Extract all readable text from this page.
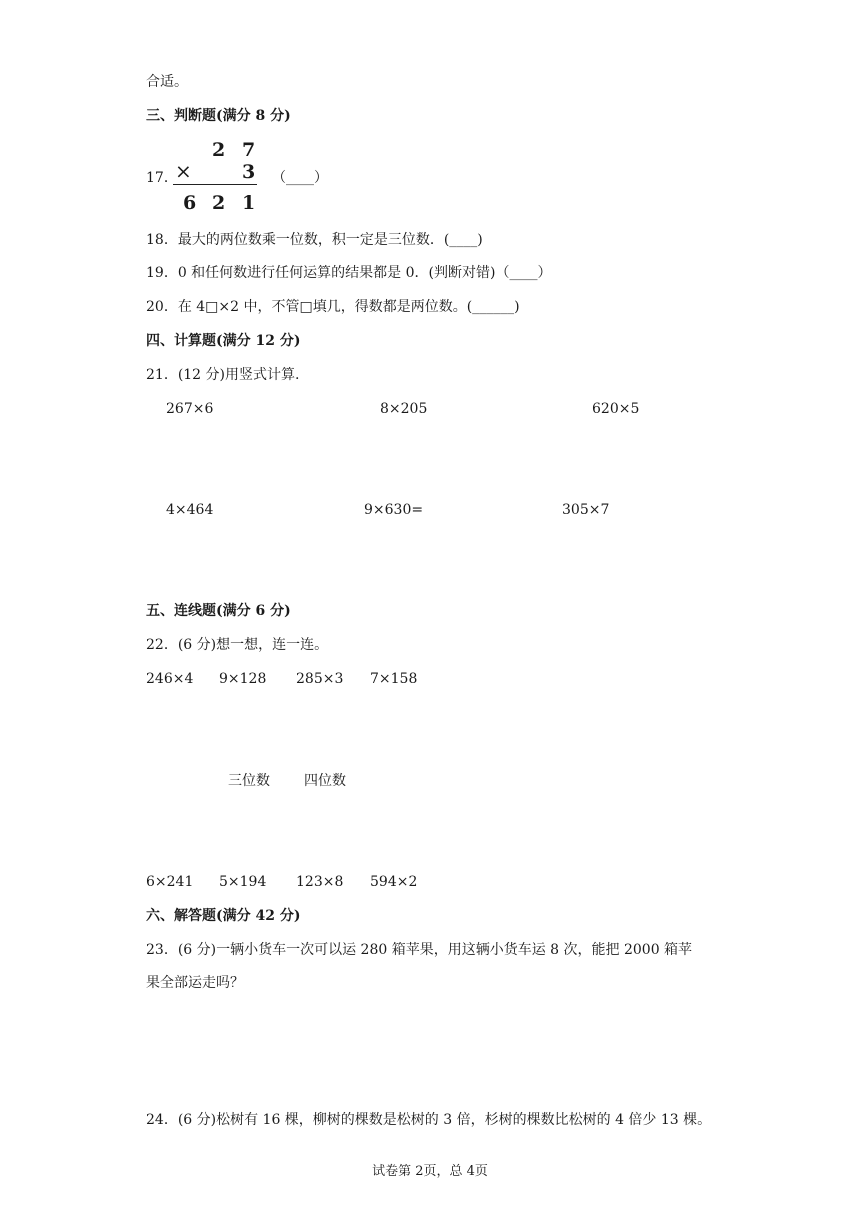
合适。
三、判断题(满分 8 分)
17．
2 7
×	3
6 2 1
（____）
18．最大的两位数乘一位数，积一定是三位数．(____)
19．0 和任何数进行任何运算的结果都是 0．(判断对错)（____）
20．在 4□×2 中，不管□填几，得数都是两位数。(______)
四、计算题(满分 12 分)
21．(12 分)用竖式计算.
267×6	8×205	620×5
4×464	9×630=	305×7
五、连线题(满分 6 分)
22．(6 分)想一想，连一连。
246×4 9×128 285×3 7×158
三位数 四位数
6×241 5×194 123×8 594×2
六、解答题(满分 42 分)
23．(6 分)一辆小货车一次可以运 280 箱苹果，用这辆小货车运 8 次，能把 2000 箱苹
果全部运走吗？
24．(6 分)松树有 16 棵，柳树的棵数是松树的 3 倍，杉树的棵数比松树的 4 倍少 13 棵。
试卷第 2页，总 4页
